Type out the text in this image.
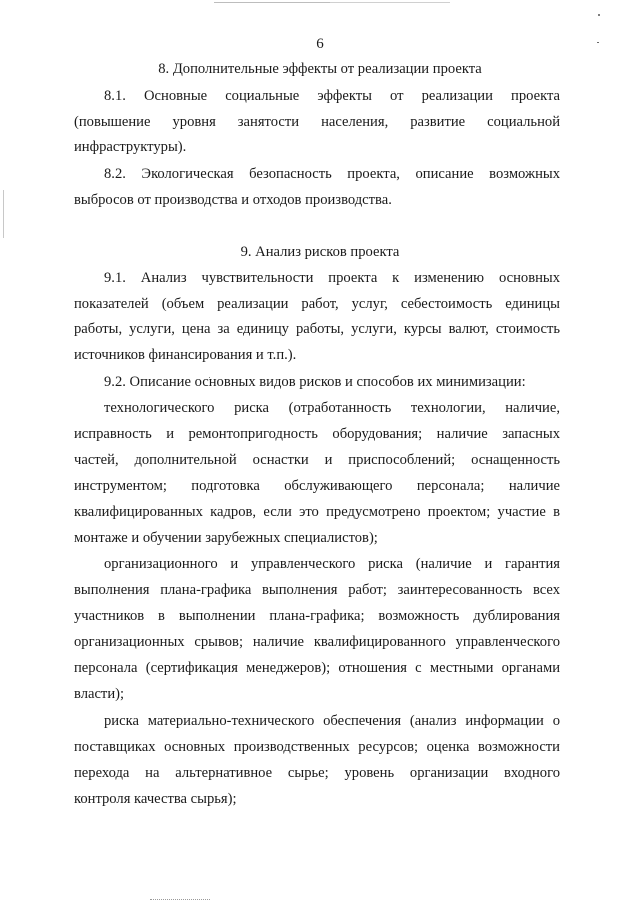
6
8. Дополнительные эффекты от реализации проекта
8.1. Основные социальные эффекты от реализации проекта
(повышение уровня занятости населения, развитие социальной
инфраструктуры).
8.2. Экологическая безопасность проекта, описание возможных
выбросов от производства и отходов производства.
9. Анализ рисков проекта
9.1. Анализ чувствительности проекта к изменению основных
показателей (объем реализации работ, услуг, себестоимость единицы
работы, услуги, цена за единицу работы, услуги, курсы валют, стоимость
источников финансирования и т.п.).
9.2. Описание основных видов рисков и способов их минимизации:
технологического риска (отработанность технологии, наличие,
исправность и ремонтопригодность оборудования; наличие запасных
частей, дополнительной оснастки и приспособлений; оснащенность
инструментом; подготовка обслуживающего персонала; наличие
квалифицированных кадров, если это предусмотрено проектом; участие в
монтаже и обучении зарубежных специалистов);
организационного и управленческого риска (наличие и гарантия
выполнения плана-графика выполнения работ; заинтересованность всех
участников в выполнении плана-графика; возможность дублирования
организационных срывов; наличие квалифицированного управленческого
персонала (сертификация менеджеров); отношения с местными органами
власти);
риска материально-технического обеспечения (анализ информации о
поставщиках основных производственных ресурсов; оценка возможности
перехода на альтернативное сырье; уровень организации входного
контроля качества сырья);
